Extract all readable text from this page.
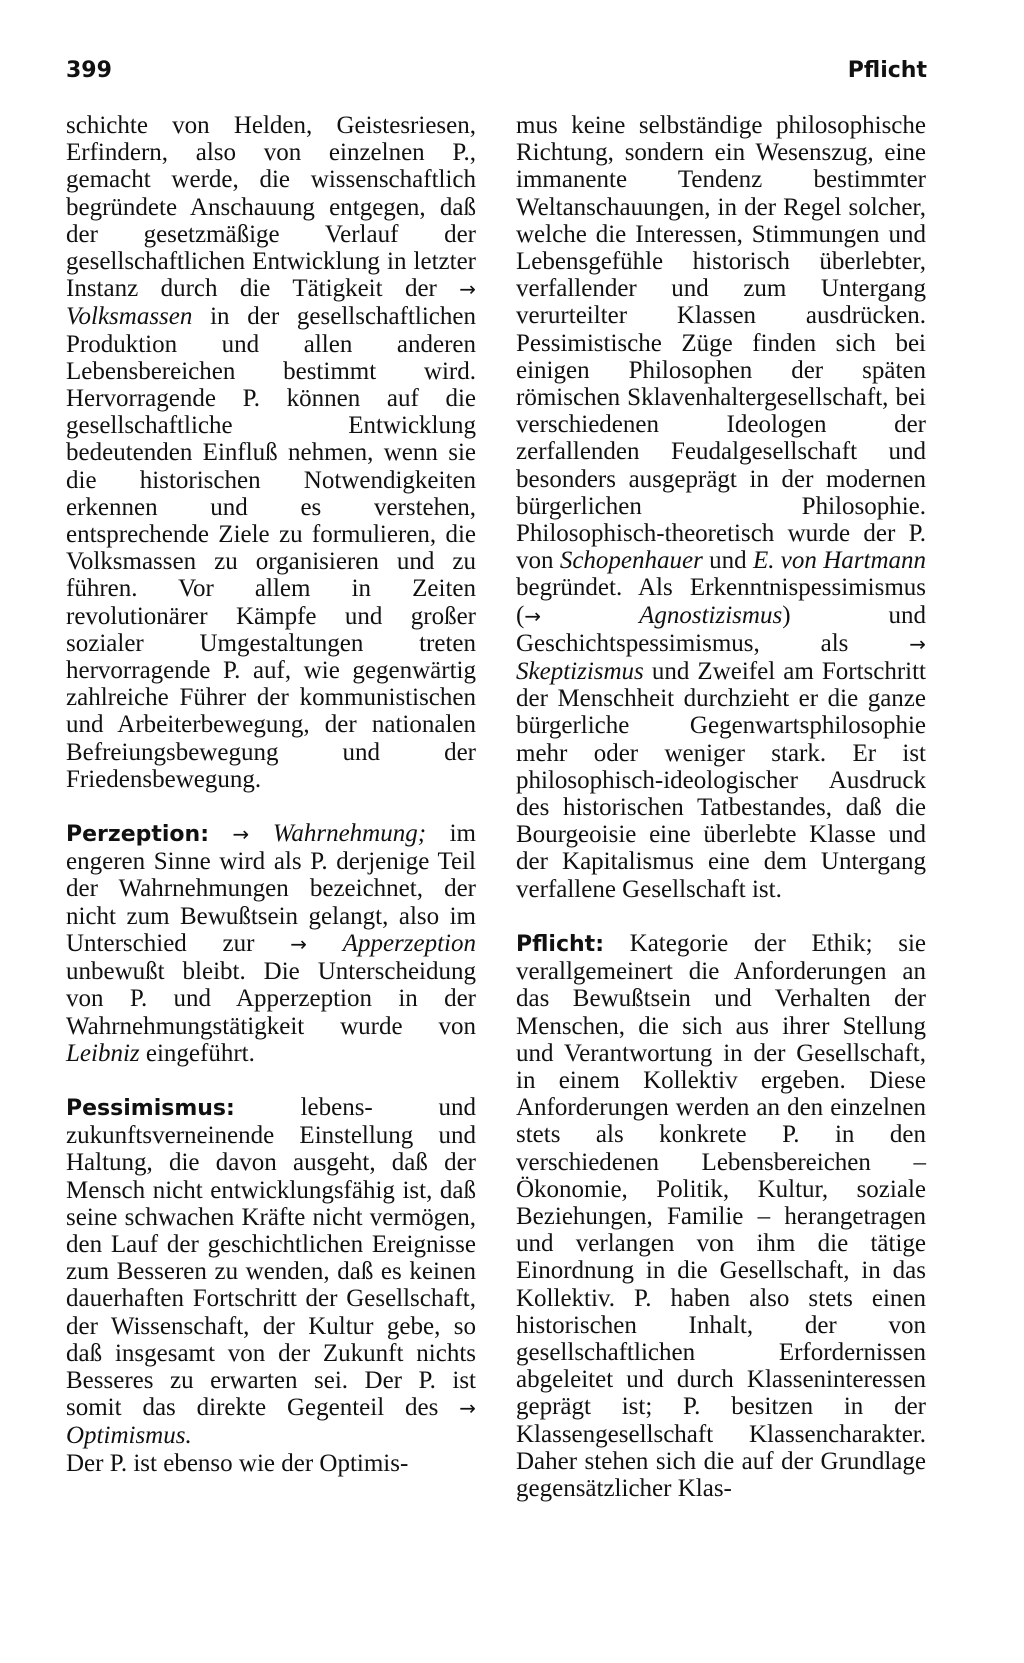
399	Pflicht

schichte von Helden, Geistesriesen, Erfindern, also von einzelnen P., gemacht werde, die wissenschaftlich begründete Anschauung entgegen, daß der gesetzmäßige Verlauf der gesellschaftlichen Entwicklung in letzter Instanz durch die Tätigkeit der → Volksmassen in der gesellschaftlichen Produktion und allen anderen Lebensbereichen bestimmt wird. Hervorragende P. können auf die gesellschaftliche Entwicklung bedeutenden Einfluß nehmen, wenn sie die historischen Notwendigkeiten erkennen und es verstehen, entsprechende Ziele zu formulieren, die Volksmassen zu organisieren und zu führen. Vor allem in Zeiten revolutionärer Kämpfe und großer sozialer Umgestaltungen treten hervorragende P. auf, wie gegenwärtig zahlreiche Führer der kommunistischen und Arbeiterbewegung, der nationalen Befreiungsbewegung und der Friedensbewegung.

Perzeption: → Wahrnehmung; im engeren Sinne wird als P. derjenige Teil der Wahrnehmungen bezeichnet, der nicht zum Bewußtsein gelangt, also im Unterschied zur → Apperzeption unbewußt bleibt. Die Unterscheidung von P. und Apperzeption in der Wahrnehmungstätigkeit wurde von Leibniz eingeführt.

Pessimismus:	lebens- und zukunftsverneinende Einstellung und Haltung, die davon ausgeht, daß der Mensch nicht entwicklungsfähig ist, daß seine schwachen Kräfte nicht vermögen, den Lauf der geschichtlichen Ereignisse zum Besseren zu wenden, daß es keinen dauerhaften Fortschritt der Gesellschaft, der Wissenschaft, der Kultur gebe, so daß insgesamt von der Zukunft nichts Besseres zu erwarten sei. Der P. ist somit das direkte Gegenteil des → Optimismus.

Der P. ist ebenso wie der Optimis-

mus keine selbständige philosophische Richtung, sondern ein Wesenszug, eine immanente Tendenz bestimmter Weltanschauungen, in der Regel solcher, welche die Interessen, Stimmungen und Lebensgefühle historisch überlebter, verfallender und zum Untergang verurteilter Klassen ausdrücken. Pessimistische Züge finden sich bei einigen Philosophen der späten römischen Sklavenhaltergesellschaft, bei verschiedenen Ideologen der zerfallenden Feudalgesellschaft und besonders ausgeprägt in der modernen bürgerlichen Philosophie. Philosophisch-theoretisch wurde der P. von Schopenhauer und E. von Hartmann begründet. Als Erkenntnispessimismus (→	Agnostizismus) und Geschichtspessimismus, als	→ Skeptizismus und Zweifel am Fortschritt der Menschheit durchzieht er die ganze bürgerliche Gegenwartsphilosophie mehr oder weniger stark. Er ist philosophisch-ideologischer Ausdruck des historischen Tatbestandes, daß die Bourgeoisie eine überlebte Klasse und der Kapitalismus eine dem Untergang verfallene Gesellschaft ist.

Pflicht: Kategorie der Ethik; sie verallgemeinert die Anforderungen an das Bewußtsein und Verhalten der Menschen, die sich aus ihrer Stellung und Verantwortung in der Gesellschaft, in einem Kollektiv ergeben. Diese Anforderungen werden an den einzelnen stets als konkrete P. in den verschiedenen Lebensbereichen – Ökonomie, Politik, Kultur, soziale Beziehungen, Familie – herangetragen und verlangen von ihm die tätige Einordnung in die Gesellschaft, in das Kollektiv. P. haben also stets einen historischen Inhalt, der von gesellschaftlichen Erfordernissen abgeleitet und durch Klasseninteressen geprägt ist; P. besitzen in der Klassengesellschaft Klassencharakter. Daher stehen sich die auf der Grundlage gegensätzlicher Klas-
